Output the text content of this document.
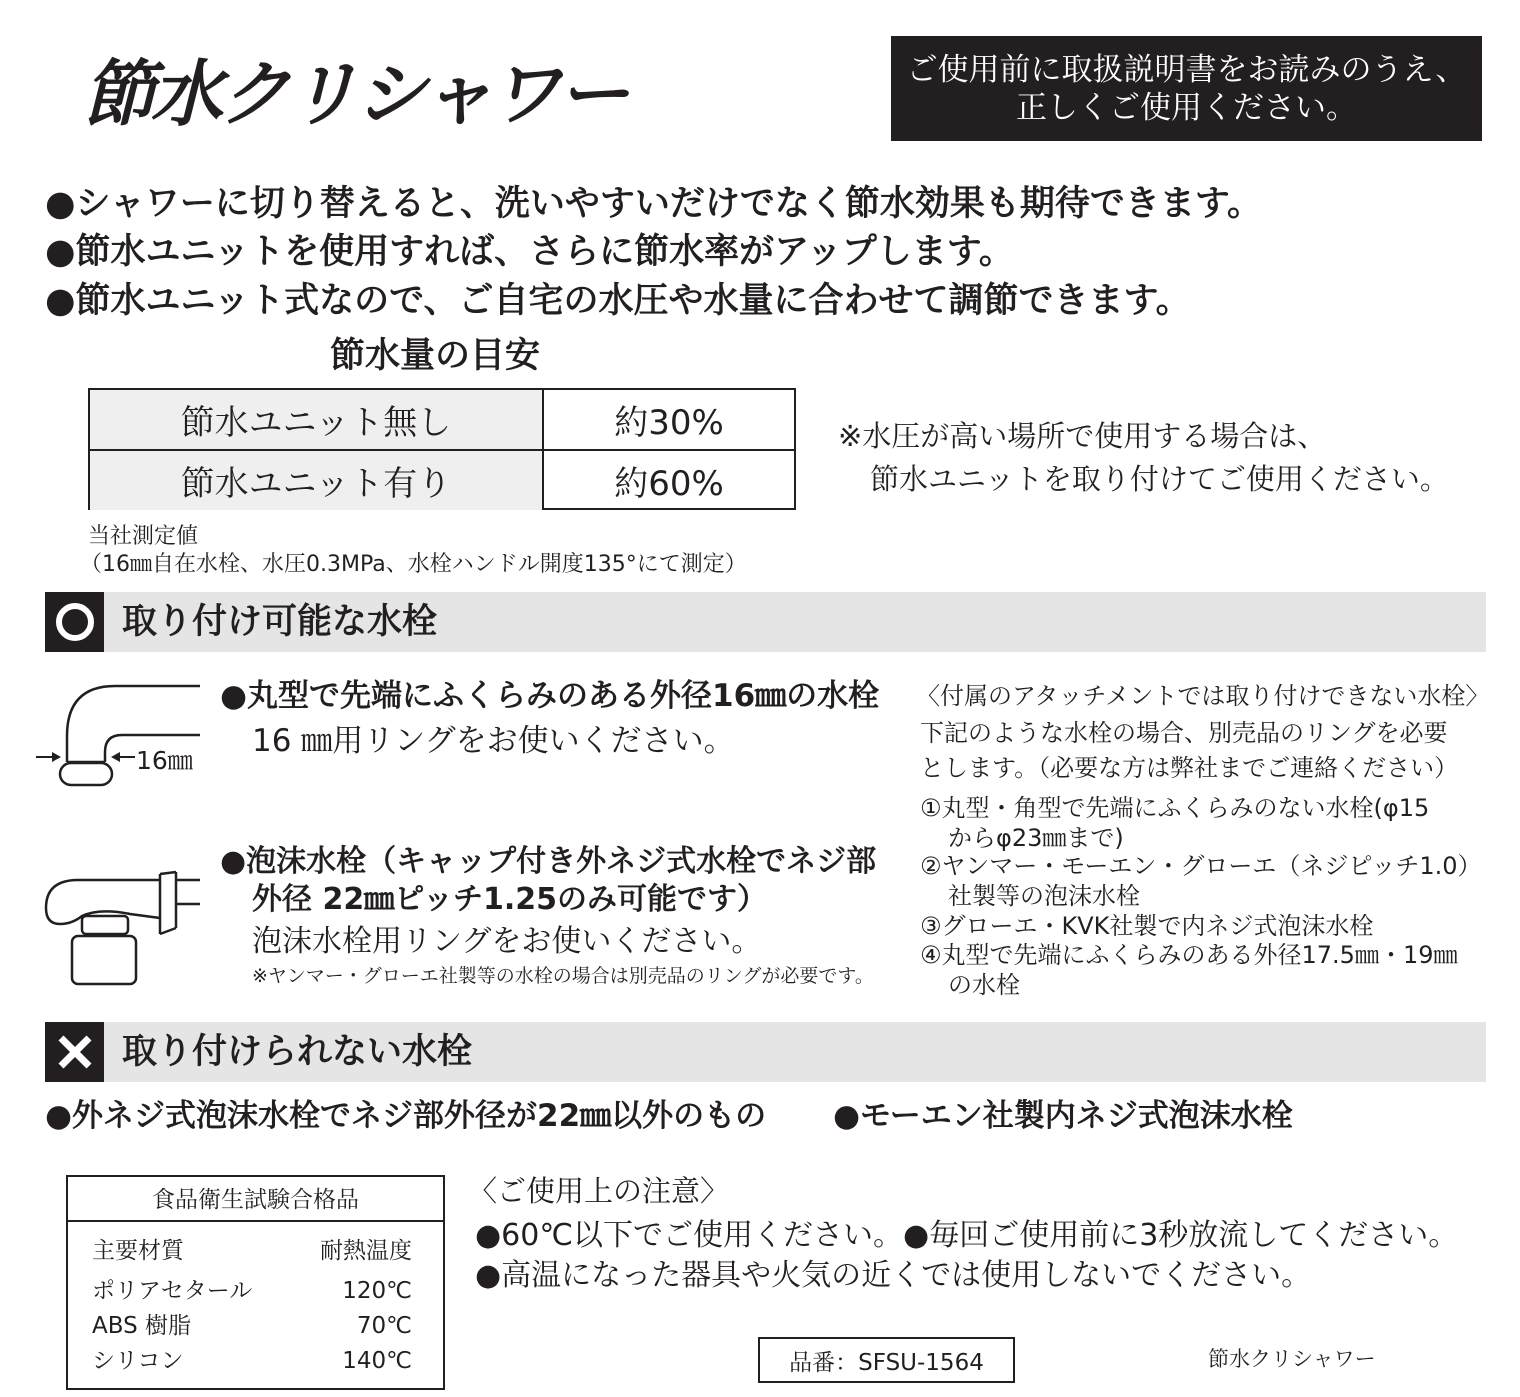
節水クリシャワー	ご使用前に取扱説明書をお読みのうえ、
正しくご使用ください。
●シャワーに切り替えると、洗いやすいだけでなく節水効果も期待できます。
●節水ユニットを使用すれば、さらに節水率がアップします。
●節水ユニット式なので、ご自宅の水圧や水量に合わせて調節できます。
節水量の目安
節水ユニット無し	約30%
節水ユニット有り	約60%
※水圧が高い場所で使用する場合は、
節水ユニットを取り付けてご使用ください。
当社測定値
（16㎜自在水栓、水圧0.3MPa、水栓ハンドル開度135°にて測定）
取り付け可能な水栓
16㎜
●丸型で先端にふくらみのある外径16㎜の水栓
16 ㎜用リングをお使いください。
●泡沫水栓（キャップ付き外ネジ式水栓でネジ部
外径 22㎜ピッチ1.25のみ可能です）
泡沫水栓用リングをお使いください。
※ヤンマー・グローエ社製等の水栓の場合は別売品のリングが必要です。
〈付属のアタッチメントでは取り付けできない水栓〉
下記のような水栓の場合、別売品のリングを必要
とします。（必要な方は弊社までご連絡ください）
①丸型・角型で先端にふくらみのない水栓(φ15
からφ23㎜まで)
②ヤンマー・モーエン・グローエ（ネジピッチ1.0）
社製等の泡沫水栓
③グローエ・KVK社製で内ネジ式泡沫水栓
④丸型で先端にふくらみのある外径17.5㎜・19㎜
の水栓
取り付けられない水栓
●外ネジ式泡沫水栓でネジ部外径が22㎜以外のもの ●モーエン社製内ネジ式泡沫水栓
食品衛生試験合格品
主要材質	耐熱温度
ポリアセタール	120℃
ABS 樹脂	70℃
シリコン	140℃
〈ご使用上の注意〉
●60℃以下でご使用ください。●毎回ご使用前に3秒放流してください。
●高温になった器具や火気の近くでは使用しないでください。
品番：SFSU-1564	節水クリシャワー
